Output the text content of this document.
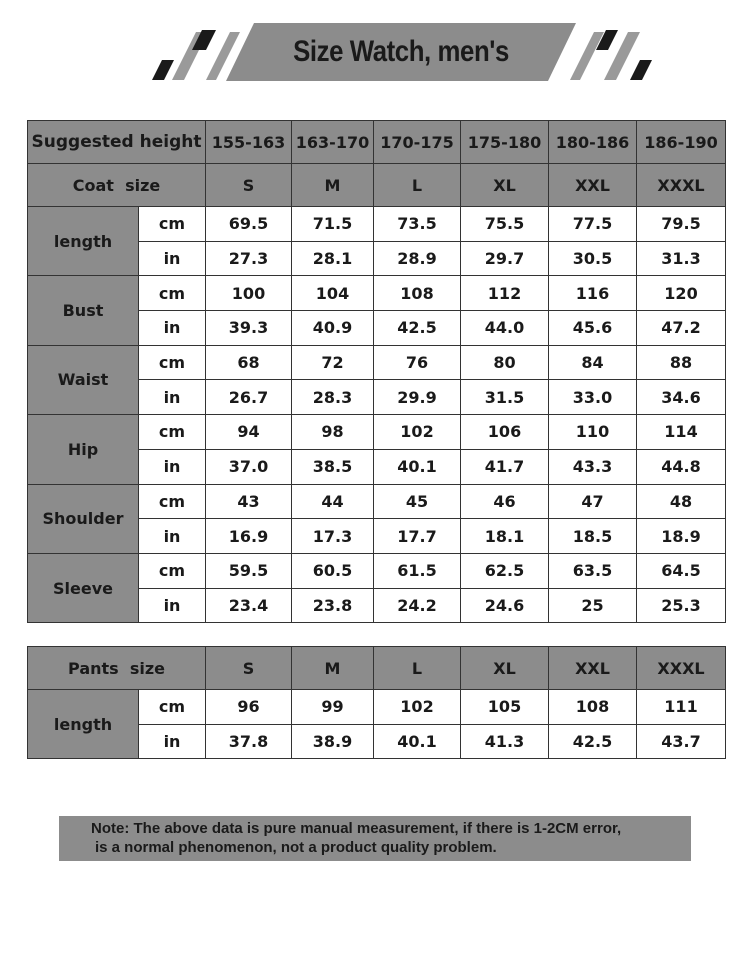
Size Watch, men's
Suggested height		155-163	163-170	170-175	175-180	180-186	186-190
Coat  size		S	M	L	XL	XXL	XXXL
length	cm	69.5	71.5	73.5	75.5	77.5	79.5
	in	27.3	28.1	28.9	29.7	30.5	31.3
Bust	cm	100	104	108	112	116	120
	in	39.3	40.9	42.5	44.0	45.6	47.2
Waist	cm	68	72	76	80	84	88
	in	26.7	28.3	29.9	31.5	33.0	34.6
Hip	cm	94	98	102	106	110	114
	in	37.0	38.5	40.1	41.7	43.3	44.8
Shoulder	cm	43	44	45	46	47	48
	in	16.9	17.3	17.7	18.1	18.5	18.9
Sleeve	cm	59.5	60.5	61.5	62.5	63.5	64.5
	in	23.4	23.8	24.2	24.6	25	25.3
Pants  size		S	M	L	XL	XXL	XXXL
length	cm	96	99	102	105	108	111
	in	37.8	38.9	40.1	41.3	42.5	43.7
Note: The above data is pure manual measurement, if there is 1-2CM error,
is a normal phenomenon, not a product quality problem.
